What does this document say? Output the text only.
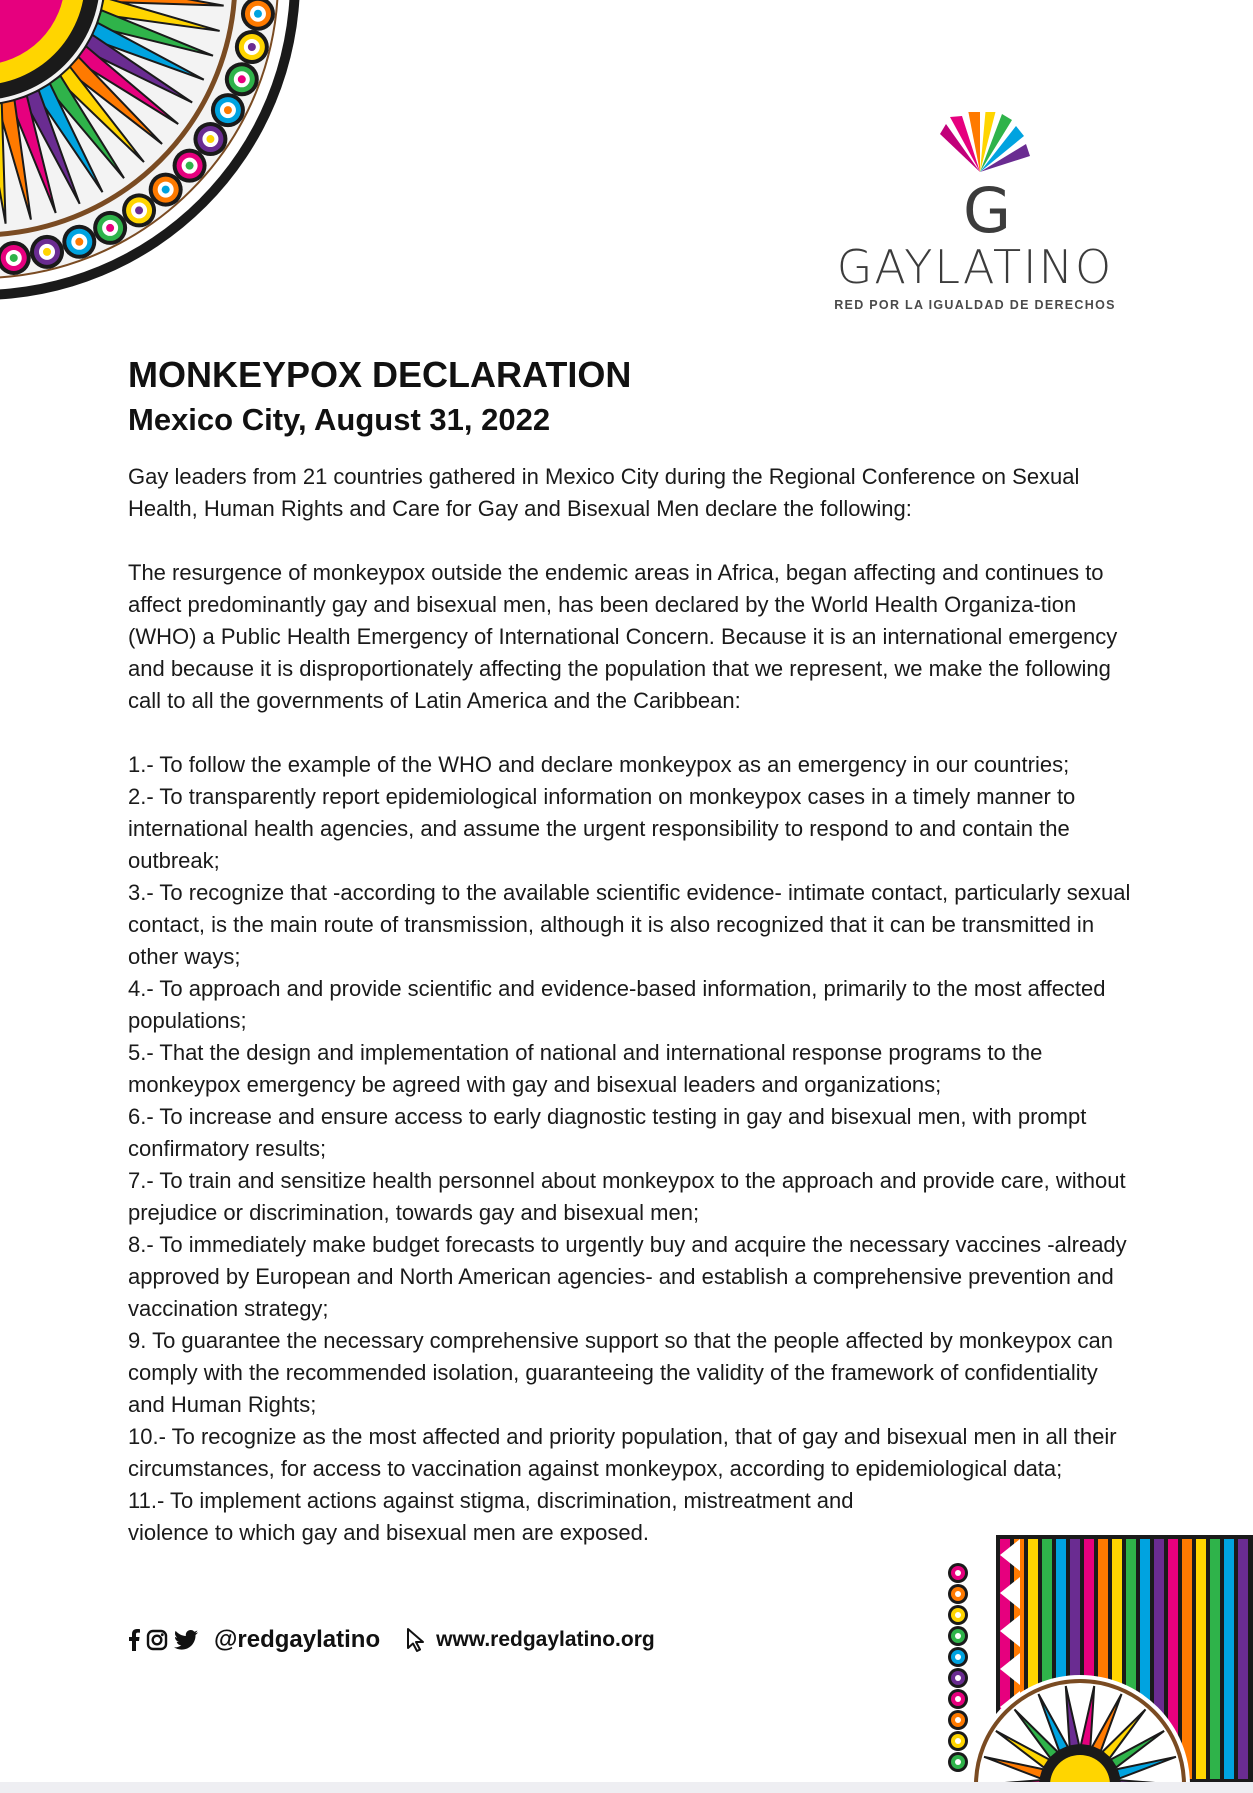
G
GAYLATINO
RED POR LA IGUALDAD DE DERECHOS
MONKEYPOX DECLARATION
Mexico City, August 31, 2022

Gay leaders from 21 countries gathered in Mexico City during the Regional Conference on Sexual Health, Human Rights and Care for Gay and Bisexual Men declare the following:

The resurgence of monkeypox outside the endemic areas in Africa, began affecting and continues to affect predominantly gay and bisexual men, has been declared by the World Health Organiza-tion (WHO) a Public Health Emergency of International Concern. Because it is an international emergency and because it is disproportionately affecting the population that we represent, we make the following call to all the governments of Latin America and the Caribbean:

1.- To follow the example of the WHO and declare monkeypox as an emergency in our countries;

2.- To transparently report epidemiological information on monkeypox cases in a timely manner to international health agencies, and assume the urgent responsibility to respond to and contain the outbreak;

3.- To recognize that -according to the available scientific evidence- intimate contact, particularly sexual contact, is the main route of transmission, although it is also recognized that it can be transmitted in other ways;

4.- To approach and provide scientific and evidence-based information, primarily to the most affected populations;

5.- That the design and implementation of national and international response programs to the monkeypox emergency be agreed with gay and bisexual leaders and organizations;

6.- To increase and ensure access to early diagnostic testing in gay and bisexual men, with prompt confirmatory results;

7.- To train and sensitize health personnel about monkeypox to the approach and provide care, without prejudice or discrimination, towards gay and bisexual men;

8.- To immediately make budget forecasts to urgently buy and acquire the necessary vaccines -already approved by European and North American agencies- and establish a comprehensive prevention and vaccination strategy;

9. To guarantee the necessary comprehensive support so that the people affected by monkeypox can comply with the recommended isolation, guaranteeing the validity of the framework of confidentiality and Human Rights;

10.- To recognize as the most affected and priority population, that of gay and bisexual men in all their circumstances, for access to vaccination against monkeypox, according to epidemiological data;

11.- To implement actions against stigma, discrimination, mistreatment and violence to which gay and bisexual men are exposed.

@redgaylatino	www.redgaylatino.org
